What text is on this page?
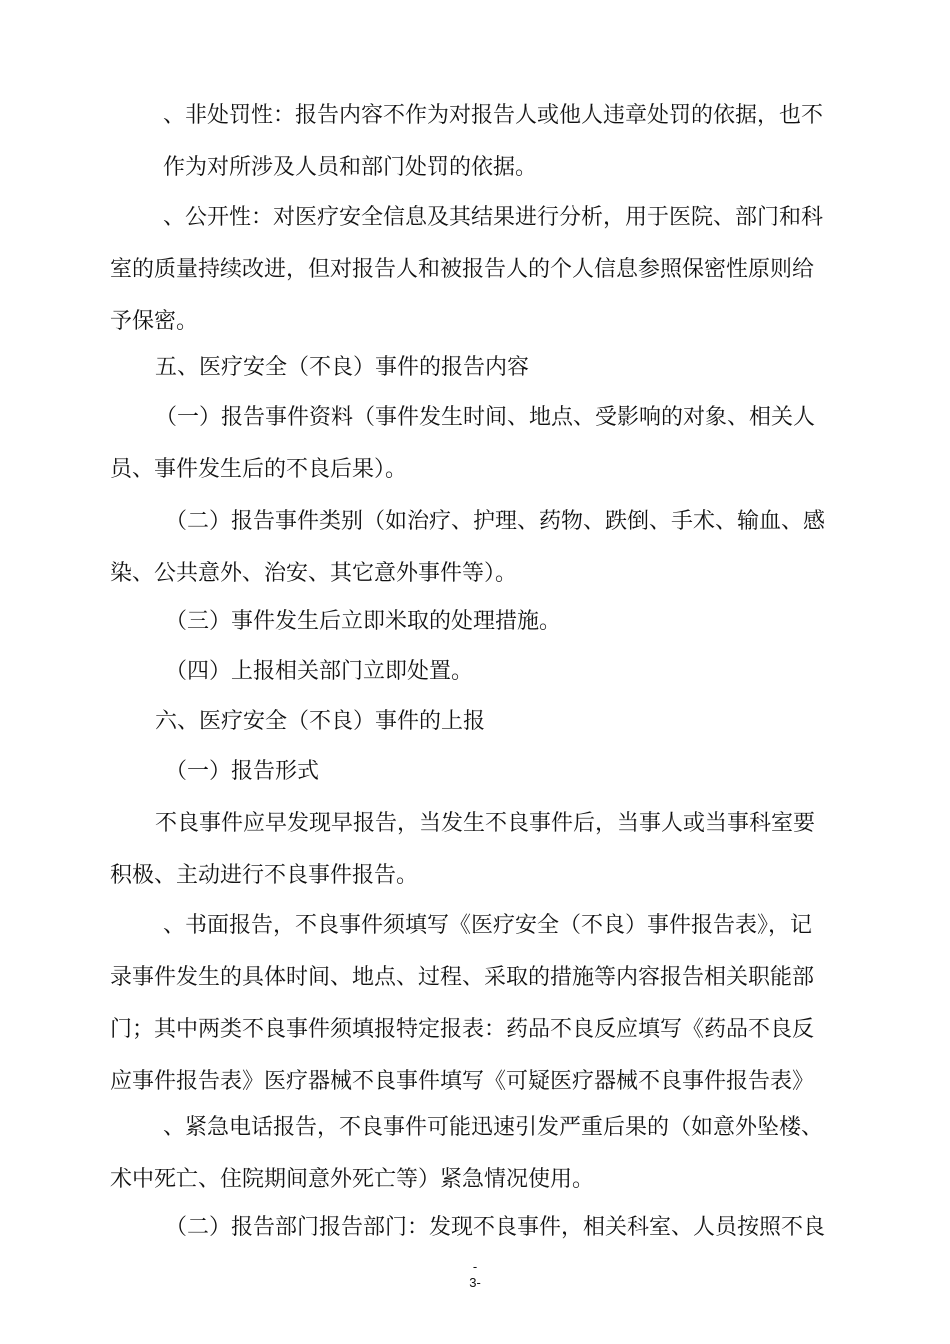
、非处罚性：报告内容不作为对报告人或他人违章处罚的依据，也不
作为对所涉及人员和部门处罚的依据。
、公开性：对医疗安全信息及其结果进行分析，用于医院、部门和科
室的质量持续改进，但对报告人和被报告人的个人信息参照保密性原则给
予保密。
五、医疗安全（不良）事件的报告内容
（一）报告事件资料（事件发生时间、地点、受影响的对象、相关人
员、事件发生后的不良后果）。
（二）报告事件类别（如治疗、护理、药物、跌倒、手术、输血、感
染、公共意外、治安、其它意外事件等）。
（三）事件发生后立即米取的处理措施。
（四）上报相关部门立即处置。
六、医疗安全（不良）事件的上报
（一）报告形式
不良事件应早发现早报告，当发生不良事件后，当事人或当事科室要
积极、主动进行不良事件报告。
、书面报告，不良事件须填写《医疗安全（不良）事件报告表》，记
录事件发生的具体时间、地点、过程、采取的措施等内容报告相关职能部
门；其中两类不良事件须填报特定报表：药品不良反应填写《药品不良反
应事件报告表》医疗器械不良事件填写《可疑医疗器械不良事件报告表》
、紧急电话报告，不良事件可能迅速引发严重后果的（如意外坠楼、
术中死亡、住院期间意外死亡等）紧急情况使用。
（二）报告部门报告部门：发现不良事件，相关科室、人员按照不良
-
3-
